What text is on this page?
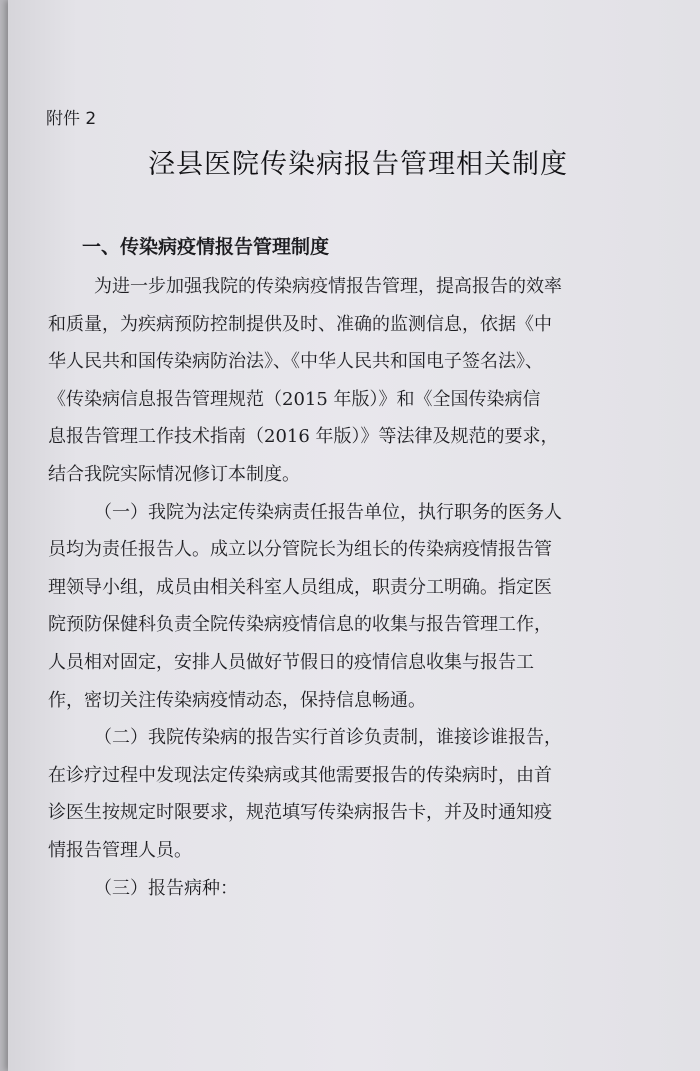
附件 2
泾县医院传染病报告管理相关制度
一、传染病疫情报告管理制度
为进一步加强我院的传染病疫情报告管理，提高报告的效率
和质量，为疾病预防控制提供及时、准确的监测信息，依据《中
华人民共和国传染病防治法》、《中华人民共和国电子签名法》、
《传染病信息报告管理规范（2015 年版）》和《全国传染病信
息报告管理工作技术指南（2016 年版）》等法律及规范的要求，
结合我院实际情况修订本制度。
（一）我院为法定传染病责任报告单位，执行职务的医务人
员均为责任报告人。成立以分管院长为组长的传染病疫情报告管
理领导小组，成员由相关科室人员组成，职责分工明确。指定医
院预防保健科负责全院传染病疫情信息的收集与报告管理工作，
人员相对固定，安排人员做好节假日的疫情信息收集与报告工
作，密切关注传染病疫情动态，保持信息畅通。
（二）我院传染病的报告实行首诊负责制，谁接诊谁报告，
在诊疗过程中发现法定传染病或其他需要报告的传染病时，由首
诊医生按规定时限要求，规范填写传染病报告卡，并及时通知疫
情报告管理人员。
（三）报告病种：
